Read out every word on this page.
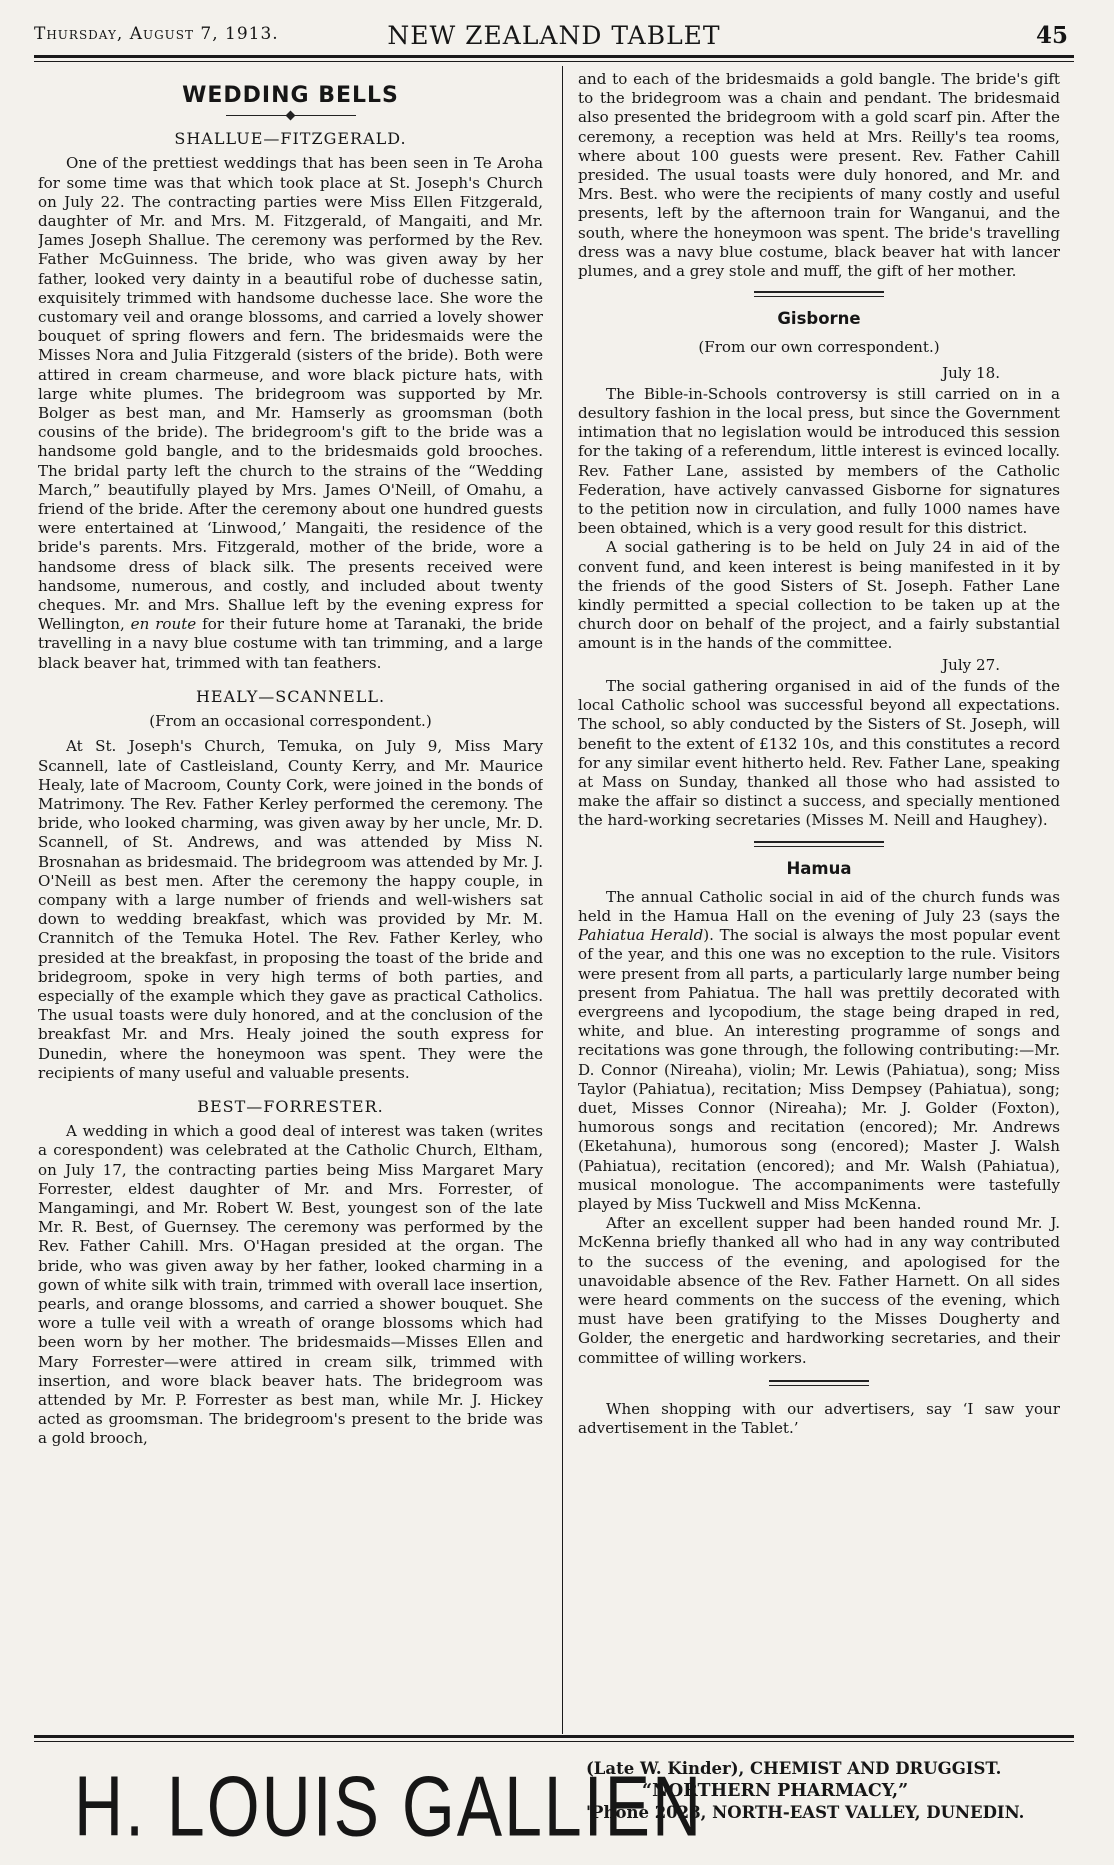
Thursday, August 7, 1913.	NEW ZEALAND TABLET	45
WEDDING BELLS
SHALLUE—FITZGERALD.

One of the prettiest weddings that has been seen in Te Aroha for some time was that which took place at St. Joseph's Church on July 22. The contracting parties were Miss Ellen Fitzgerald, daughter of Mr. and Mrs. M. Fitzgerald, of Mangaiti, and Mr. James Joseph Shallue. The ceremony was performed by the Rev. Father McGuinness. The bride, who was given away by her father, looked very dainty in a beautiful robe of duchesse satin, exquisitely trimmed with handsome duchesse lace. She wore the customary veil and orange blossoms, and carried a lovely shower bouquet of spring flowers and fern. The bridesmaids were the Misses Nora and Julia Fitzgerald (sisters of the bride). Both were attired in cream charmeuse, and wore black picture hats, with large white plumes. The bridegroom was supported by Mr. Bolger as best man, and Mr. Hamserly as groomsman (both cousins of the bride). The bridegroom's gift to the bride was a handsome gold bangle, and to the bridesmaids gold brooches. The bridal party left the church to the strains of the “Wedding March,” beautifully played by Mrs. James O'Neill, of Omahu, a friend of the bride. After the ceremony about one hundred guests were entertained at ‘Linwood,’ Mangaiti, the residence of the bride's parents. Mrs. Fitzgerald, mother of the bride, wore a handsome dress of black silk. The presents received were handsome, numerous, and costly, and included about twenty cheques. Mr. and Mrs. Shallue left by the evening express for Wellington, en route for their future home at Taranaki, the bride travelling in a navy blue costume with tan trimming, and a large black beaver hat, trimmed with tan feathers.

HEALY—SCANNELL.
(From an occasional correspondent.)

At St. Joseph's Church, Temuka, on July 9, Miss Mary Scannell, late of Castleisland, County Kerry, and Mr. Maurice Healy, late of Macroom, County Cork, were joined in the bonds of Matrimony. The Rev. Father Kerley performed the ceremony. The bride, who looked charming, was given away by her uncle, Mr. D. Scannell, of St. Andrews, and was attended by Miss N. Brosnahan as bridesmaid. The bridegroom was attended by Mr. J. O'Neill as best men. After the ceremony the happy couple, in company with a large number of friends and well-wishers sat down to wedding breakfast, which was provided by Mr. M. Crannitch of the Temuka Hotel. The Rev. Father Kerley, who presided at the breakfast, in proposing the toast of the bride and bridegroom, spoke in very high terms of both parties, and especially of the example which they gave as practical Catholics. The usual toasts were duly honored, and at the conclusion of the breakfast Mr. and Mrs. Healy joined the south express for Dunedin, where the honeymoon was spent. They were the recipients of many useful and valuable presents.

BEST—FORRESTER.

A wedding in which a good deal of interest was taken (writes a corespondent) was celebrated at the Catholic Church, Eltham, on July 17, the contracting parties being Miss Margaret Mary Forrester, eldest daughter of Mr. and Mrs. Forrester, of Mangamingi, and Mr. Robert W. Best, youngest son of the late Mr. R. Best, of Guernsey. The ceremony was performed by the Rev. Father Cahill. Mrs. O'Hagan presided at the organ. The bride, who was given away by her father, looked charming in a gown of white silk with train, trimmed with overall lace insertion, pearls, and orange blossoms, and carried a shower bouquet. She wore a tulle veil with a wreath of orange blossoms which had been worn by her mother. The bridesmaids—Misses Ellen and Mary Forrester—were attired in cream silk, trimmed with insertion, and wore black beaver hats. The bridegroom was attended by Mr. P. Forrester as best man, while Mr. J. Hickey acted as groomsman. The bridegroom's present to the bride was a gold brooch,

and to each of the bridesmaids a gold bangle. The bride's gift to the bridegroom was a chain and pendant. The bridesmaid also presented the bridegroom with a gold scarf pin. After the ceremony, a reception was held at Mrs. Reilly's tea rooms, where about 100 guests were present. Rev. Father Cahill presided. The usual toasts were duly honored, and Mr. and Mrs. Best. who were the recipients of many costly and useful presents, left by the afternoon train for Wanganui, and the south, where the honeymoon was spent. The bride's travelling dress was a navy blue costume, black beaver hat with lancer plumes, and a grey stole and muff, the gift of her mother.

Gisborne
(From our own correspondent.)
July 18.

The Bible-in-Schools controversy is still carried on in a desultory fashion in the local press, but since the Government intimation that no legislation would be introduced this session for the taking of a referendum, little interest is evinced locally. Rev. Father Lane, assisted by members of the Catholic Federation, have actively canvassed Gisborne for signatures to the petition now in circulation, and fully 1000 names have been obtained, which is a very good result for this district.

A social gathering is to be held on July 24 in aid of the convent fund, and keen interest is being manifested in it by the friends of the good Sisters of St. Joseph. Father Lane kindly permitted a special collection to be taken up at the church door on behalf of the project, and a fairly substantial amount is in the hands of the committee.

July 27.

The social gathering organised in aid of the funds of the local Catholic school was successful beyond all expectations. The school, so ably conducted by the Sisters of St. Joseph, will benefit to the extent of £132 10s, and this constitutes a record for any similar event hitherto held. Rev. Father Lane, speaking at Mass on Sunday, thanked all those who had assisted to make the affair so distinct a success, and specially mentioned the hard-working secretaries (Misses M. Neill and Haughey).

Hamua

The annual Catholic social in aid of the church funds was held in the Hamua Hall on the evening of July 23 (says the Pahiatua Herald). The social is always the most popular event of the year, and this one was no exception to the rule. Visitors were present from all parts, a particularly large number being present from Pahiatua. The hall was prettily decorated with evergreens and lycopodium, the stage being draped in red, white, and blue. An interesting programme of songs and recitations was gone through, the following contributing:—Mr. D. Connor (Nireaha), violin; Mr. Lewis (Pahiatua), song; Miss Taylor (Pahiatua), recitation; Miss Dempsey (Pahiatua), song; duet, Misses Connor (Nireaha); Mr. J. Golder (Foxton), humorous songs and recitation (encored); Mr. Andrews (Eketahuna), humorous song (encored); Master J. Walsh (Pahiatua), recitation (encored); and Mr. Walsh (Pahiatua), musical monologue. The accompaniments were tastefully played by Miss Tuckwell and Miss McKenna.

After an excellent supper had been handed round Mr. J. McKenna briefly thanked all who had in any way contributed to the success of the evening, and apologised for the unavoidable absence of the Rev. Father Harnett. On all sides were heard comments on the success of the evening, which must have been gratifying to the Misses Dougherty and Golder, the energetic and hardworking secretaries, and their committee of willing workers.

When shopping with our advertisers, say ‘I saw your advertisement in the Tablet.’

H. LOUIS GALLIEN
(Late W. Kinder), CHEMIST AND DRUGGIST.
“NORTHERN PHARMACY,”
'Phone 2028, NORTH-EAST VALLEY, DUNEDIN.
